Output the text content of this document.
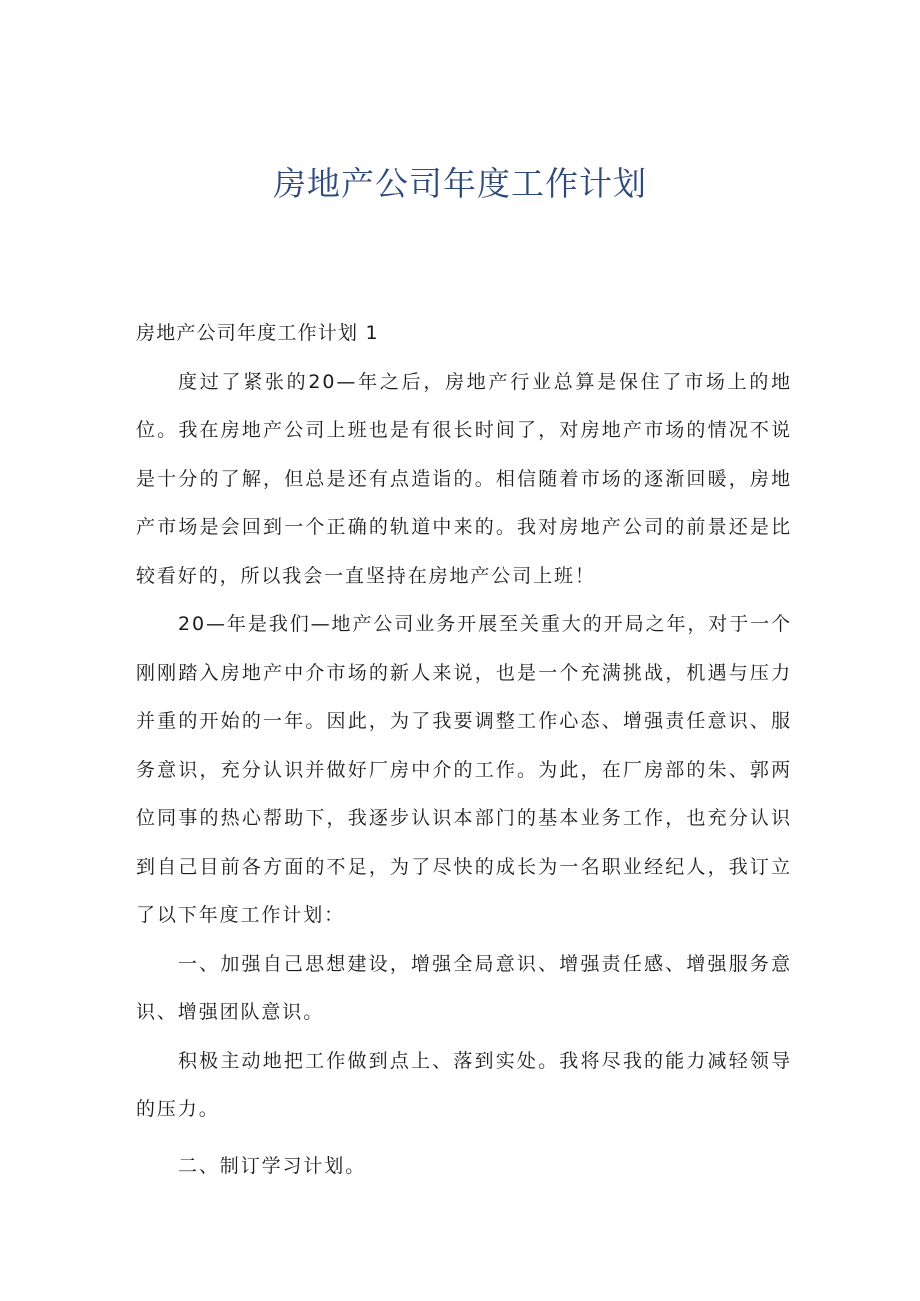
房地产公司年度工作计划

房地产公司年度工作计划 1

度过了紧张的20—年之后，房地产行业总算是保住了市场上的地位。我在房地产公司上班也是有很长时间了，对房地产市场的情况不说是十分的了解，但总是还有点造诣的。相信随着市场的逐渐回暖，房地产市场是会回到一个正确的轨道中来的。我对房地产公司的前景还是比较看好的，所以我会一直坚持在房地产公司上班！

20—年是我们—地产公司业务开展至关重大的开局之年，对于一个刚刚踏入房地产中介市场的新人来说，也是一个充满挑战，机遇与压力并重的开始的一年。因此，为了我要调整工作心态、增强责任意识、服务意识，充分认识并做好厂房中介的工作。为此，在厂房部的朱、郭两位同事的热心帮助下，我逐步认识本部门的基本业务工作，也充分认识到自己目前各方面的不足，为了尽快的成长为一名职业经纪人，我订立了以下年度工作计划：

一、加强自己思想建设，增强全局意识、增强责任感、增强服务意识、增强团队意识。

积极主动地把工作做到点上、落到实处。我将尽我的能力减轻领导的压力。

二、制订学习计划。
